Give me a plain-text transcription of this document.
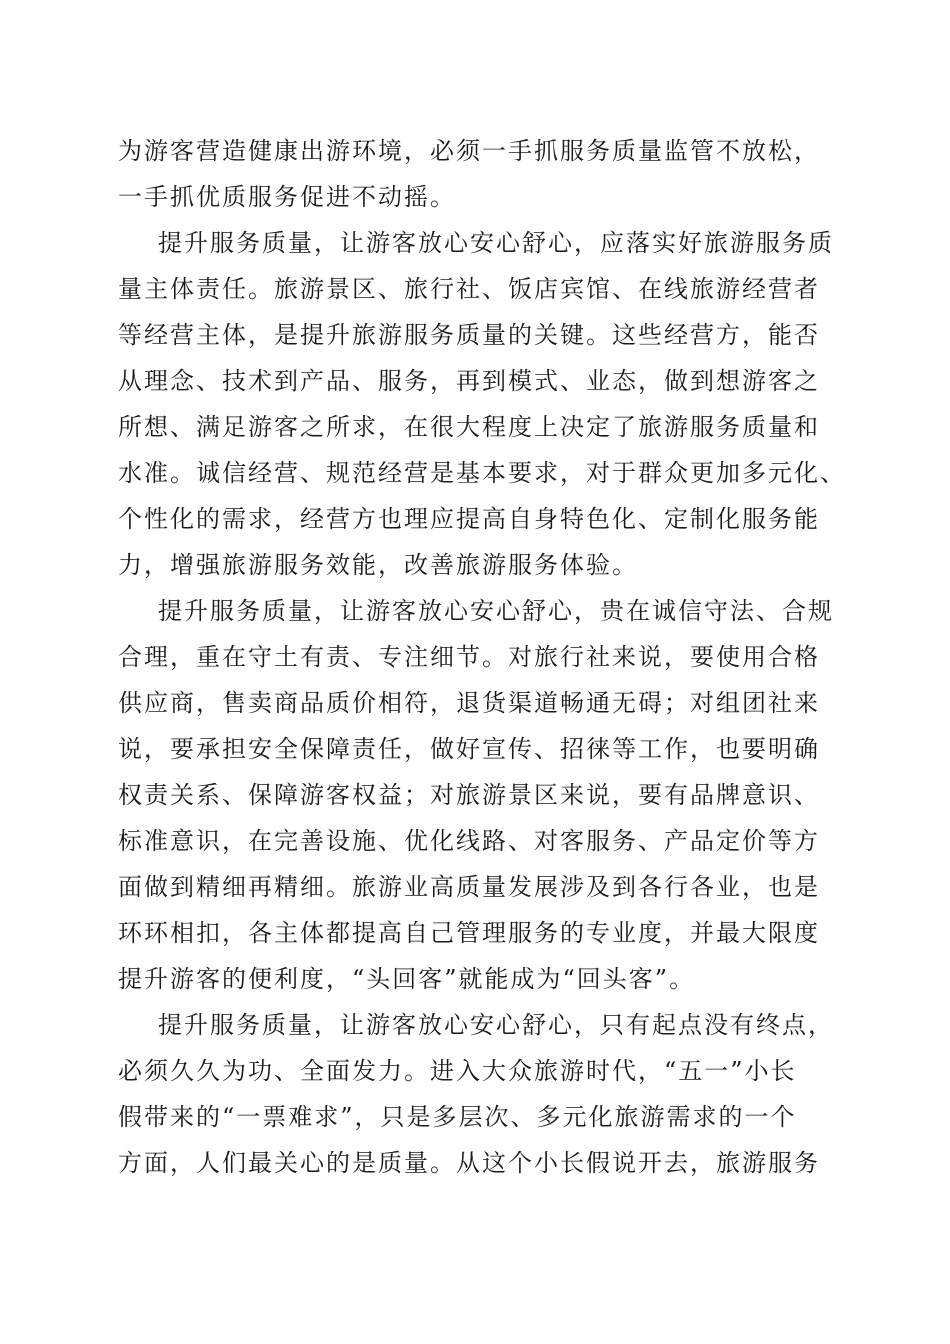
为游客营造健康出游环境，必须一手抓服务质量监管不放松，
一手抓优质服务促进不动摇。
提升服务质量，让游客放心安心舒心，应落实好旅游服务质
量主体责任。旅游景区、旅行社、饭店宾馆、在线旅游经营者
等经营主体，是提升旅游服务质量的关键。这些经营方，能否
从理念、技术到产品、服务，再到模式、业态，做到想游客之
所想、满足游客之所求，在很大程度上决定了旅游服务质量和
水准。诚信经营、规范经营是基本要求，对于群众更加多元化、
个性化的需求，经营方也理应提高自身特色化、定制化服务能
力，增强旅游服务效能，改善旅游服务体验。
提升服务质量，让游客放心安心舒心，贵在诚信守法、合规
合理，重在守土有责、专注细节。对旅行社来说，要使用合格
供应商，售卖商品质价相符，退货渠道畅通无碍；对组团社来
说，要承担安全保障责任，做好宣传、招徕等工作，也要明确
权责关系、保障游客权益；对旅游景区来说，要有品牌意识、
标准意识，在完善设施、优化线路、对客服务、产品定价等方
面做到精细再精细。旅游业高质量发展涉及到各行各业，也是
环环相扣，各主体都提高自己管理服务的专业度，并最大限度
提升游客的便利度，“头回客”就能成为“回头客”。
提升服务质量，让游客放心安心舒心，只有起点没有终点，
必须久久为功、全面发力。进入大众旅游时代，“五一”小长
假带来的“一票难求”，只是多层次、多元化旅游需求的一个
方面，人们最关心的是质量。从这个小长假说开去，旅游服务
